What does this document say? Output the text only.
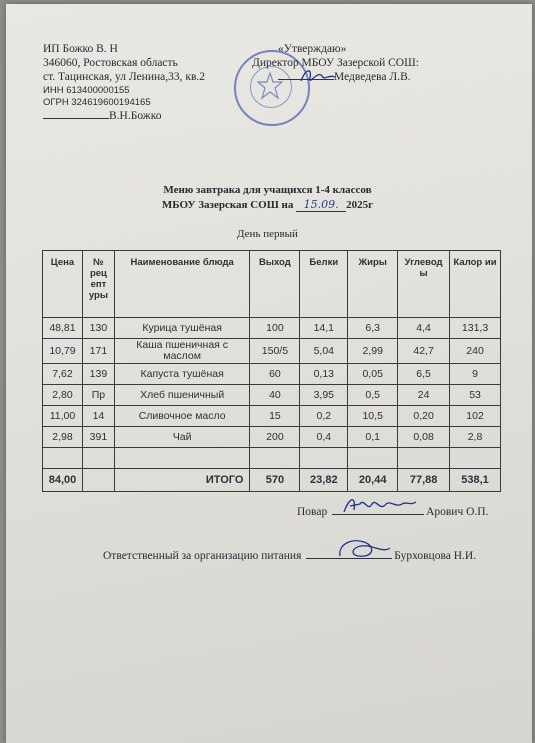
ИП Божко В. Н
346060, Ростовская область
ст. Тацинская, ул Ленина,33, кв.2
ИНН 613400000155
ОГРН 324619600194165
В.Н.Божко
«Утверждаю»
Директор МБОУ Зазерской СОШ:
Медведева Л.В.
Меню завтрака для учащихся 1-4 классов
МБОУ Зазерская СОШ на 15.09. 2025г
День первый
Цена	№ рец епт уры	Наименование блюда	Выход	Белки	Жиры	Углевод ы	Калор ии
48,81	130	Курица тушёная	100	14,1	6,3	4,4	131,3
10,79	171	Каша пшеничная с маслом	150/5	5,04	2,99	42,7	240
7,62	139	Капуста тушёная	60	0,13	0,05	6,5	9
2,80	Пр	Хлеб пшеничный	40	3,95	0,5	24	53
11,00	14	Сливочное масло	15	0,2	10,5	0,20	102
2,98	391	Чай	200	0,4	0,1	0,08	2,8

84,00		ИТОГО	570	23,82	20,44	77,88	538,1
Повар	Арович О.П.
Ответственный за организацию питания	Бурховцова Н.И.
